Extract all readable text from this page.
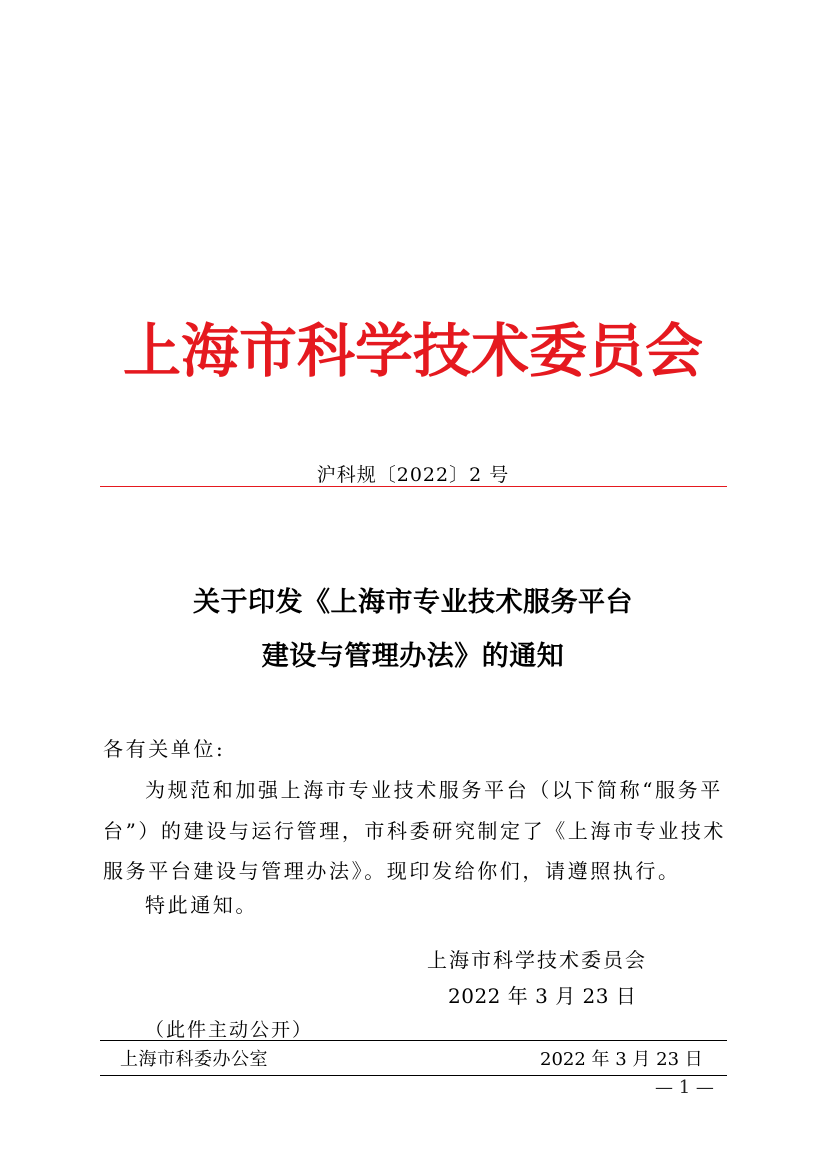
上海市科学技术委员会
沪科规〔2022〕2 号
关于印发《上海市专业技术服务平台
建设与管理办法》的通知
各有关单位:
为规范和加强上海市专业技术服务平台（以下简称“服务平
台”）的建设与运行管理，市科委研究制定了《上海市专业技术
服务平台建设与管理办法》。现印发给你们，请遵照执行。
特此通知。
上海市科学技术委员会
2022 年 3 月 23 日
（此件主动公开）
上海市科委办公室	2022 年 3 月 23 日
— 1 —
